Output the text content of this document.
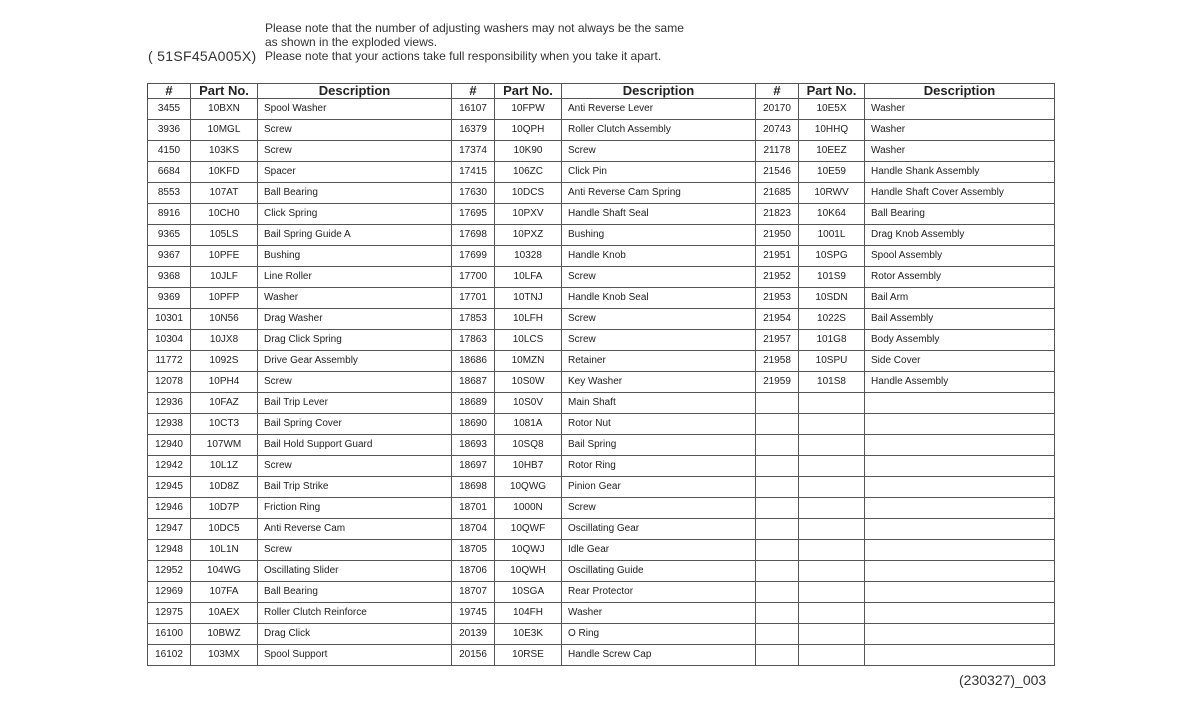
Please note that the number of adjusting washers may not always be the same
as shown in the exploded views.
Please note that your actions take full responsibility when you take it apart.
( 51SF45A005X)
#	Part No.	Description	#	Part No.	Description	#	Part No.	Description
3455	10BXN	Spool Washer	16107	10FPW	Anti Reverse Lever	20170	10E5X	Washer
3936	10MGL	Screw	16379	10QPH	Roller Clutch Assembly	20743	10HHQ	Washer
4150	103KS	Screw	17374	10K90	Screw	21178	10EEZ	Washer
6684	10KFD	Spacer	17415	106ZC	Click Pin	21546	10E59	Handle Shank Assembly
8553	107AT	Ball Bearing	17630	10DCS	Anti Reverse Cam Spring	21685	10RWV	Handle Shaft Cover Assembly
8916	10CH0	Click Spring	17695	10PXV	Handle Shaft Seal	21823	10K64	Ball Bearing
9365	105LS	Bail Spring Guide A	17698	10PXZ	Bushing	21950	1001L	Drag Knob Assembly
9367	10PFE	Bushing	17699	10328	Handle Knob	21951	10SPG	Spool Assembly
9368	10JLF	Line Roller	17700	10LFA	Screw	21952	101S9	Rotor Assembly
9369	10PFP	Washer	17701	10TNJ	Handle Knob Seal	21953	10SDN	Bail Arm
10301	10N56	Drag Washer	17853	10LFH	Screw	21954	1022S	Bail Assembly
10304	10JX8	Drag Click Spring	17863	10LCS	Screw	21957	101G8	Body Assembly
11772	1092S	Drive Gear Assembly	18686	10MZN	Retainer	21958	10SPU	Side Cover
12078	10PH4	Screw	18687	10S0W	Key Washer	21959	101S8	Handle Assembly
12936	10FAZ	Bail Trip Lever	18689	10S0V	Main Shaft			
12938	10CT3	Bail Spring Cover	18690	1081A	Rotor Nut			
12940	107WM	Bail Hold Support Guard	18693	10SQ8	Bail Spring			
12942	10L1Z	Screw	18697	10HB7	Rotor Ring			
12945	10D8Z	Bail Trip Strike	18698	10QWG	Pinion Gear			
12946	10D7P	Friction Ring	18701	1000N	Screw			
12947	10DC5	Anti Reverse Cam	18704	10QWF	Oscillating Gear			
12948	10L1N	Screw	18705	10QWJ	Idle Gear			
12952	104WG	Oscillating Slider	18706	10QWH	Oscillating Guide			
12969	107FA	Ball Bearing	18707	10SGA	Rear Protector			
12975	10AEX	Roller Clutch Reinforce	19745	104FH	Washer			
16100	10BWZ	Drag Click	20139	10E3K	O Ring			
16102	103MX	Spool Support	20156	10RSE	Handle Screw Cap			
(230327)_003
